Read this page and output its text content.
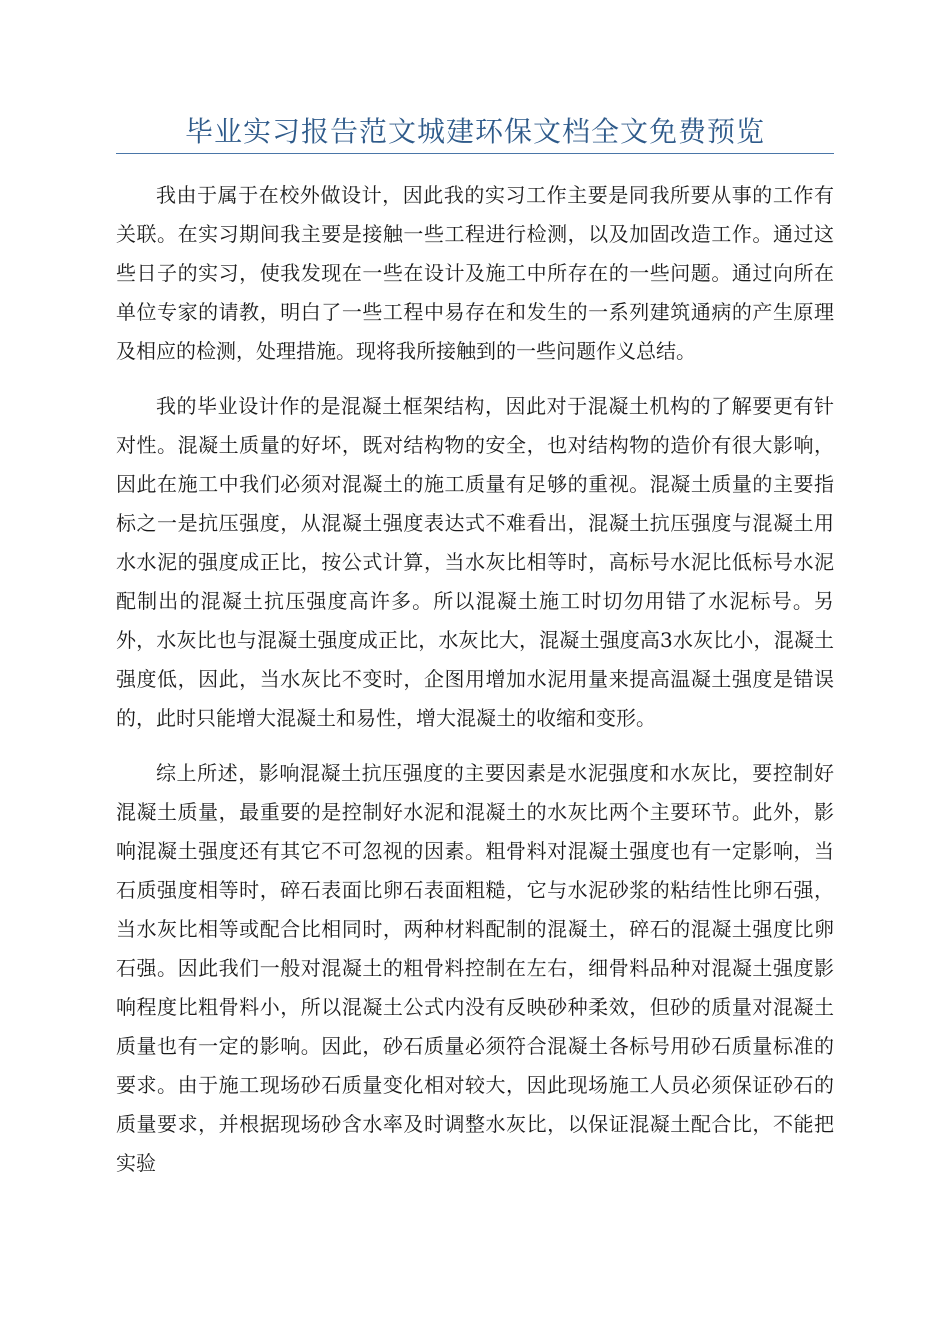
毕业实习报告范文城建环保文档全文免费预览

我由于属于在校外做设计，因此我的实习工作主要是同我所要从事的工作有关联。在实习期间我主要是接触一些工程进行检测，以及加固改造工作。通过这些日子的实习，使我发现在一些在设计及施工中所存在的一些问题。通过向所在单位专家的请教，明白了一些工程中易存在和发生的一系列建筑通病的产生原理及相应的检测，处理措施。现将我所接触到的一些问题作义总结。

我的毕业设计作的是混凝土框架结构，因此对于混凝土机构的了解要更有针对性。混凝土质量的好坏，既对结构物的安全，也对结构物的造价有很大影响，因此在施工中我们必须对混凝土的施工质量有足够的重视。混凝土质量的主要指标之一是抗压强度，从混凝土强度表达式不难看出，混凝土抗压强度与混凝土用水水泥的强度成正比，按公式计算，当水灰比相等时，高标号水泥比低标号水泥配制出的混凝土抗压强度高许多。所以混凝土施工时切勿用错了水泥标号。另外，水灰比也与混凝土强度成正比，水灰比大，混凝土强度高3水灰比小，混凝土强度低，因此，当水灰比不变时，企图用增加水泥用量来提高温凝土强度是错误的，此时只能增大混凝土和易性，增大混凝土的收缩和变形。

综上所述，影响混凝土抗压强度的主要因素是水泥强度和水灰比，要控制好混凝土质量，最重要的是控制好水泥和混凝土的水灰比两个主要环节。此外，影响混凝土强度还有其它不可忽视的因素。粗骨料对混凝土强度也有一定影响，当石质强度相等时，碎石表面比卵石表面粗糙，它与水泥砂浆的粘结性比卵石强，当水灰比相等或配合比相同时，两种材料配制的混凝土，碎石的混凝土强度比卵石强。因此我们一般对混凝土的粗骨料控制在左右，细骨料品种对混凝土强度影响程度比粗骨料小，所以混凝土公式内没有反映砂种柔效，但砂的质量对混凝土质量也有一定的影响。因此，砂石质量必须符合混凝土各标号用砂石质量标准的要求。由于施工现场砂石质量变化相对较大，因此现场施工人员必须保证砂石的质量要求，并根据现场砂含水率及时调整水灰比，以保证混凝土配合比，不能把实验
